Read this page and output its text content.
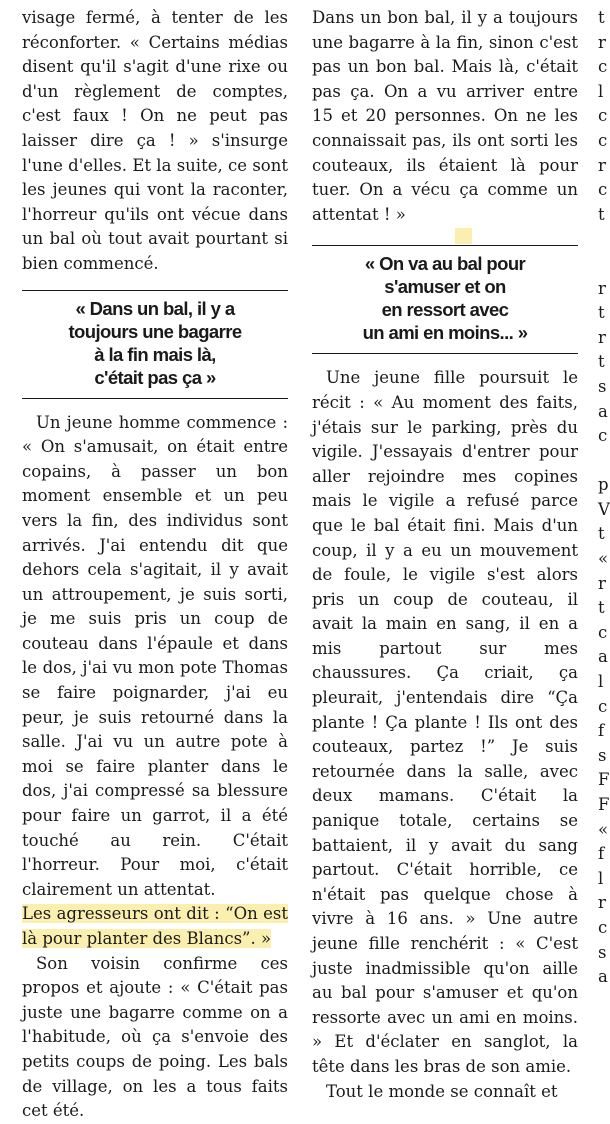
visage fermé, à tenter de les réconforter. « Certains médias disent qu'il s'agit d'une rixe ou d'un règlement de comptes, c'est faux ! On ne peut pas laisser dire ça ! » s'insurge l'une d'elles. Et la suite, ce sont les jeunes qui vont la raconter, l'horreur qu'ils ont vécue dans un bal où tout avait pourtant si bien commencé.

« Dans un bal, il y a
toujours une bagarre
à la fin mais là,
c'était pas ça »

Un jeune homme commence : « On s'amusait, on était entre copains, à passer un bon moment ensemble et un peu vers la fin, des individus sont arrivés. J'ai entendu dit que dehors cela s'agitait, il y avait un attroupement, je suis sorti, je me suis pris un coup de couteau dans l'épaule et dans le dos, j'ai vu mon pote Thomas se faire poignarder, j'ai eu peur, je suis retourné dans la salle. J'ai vu un autre pote à moi se faire planter dans le dos, j'ai compressé sa blessure pour faire un garrot, il a été touché au rein. C'était l'horreur. Pour moi, c'était clairement un attentat.

Les agresseurs ont dit : “On est là pour planter des Blancs”. »

Son voisin confirme ces propos et ajoute : « C'était pas juste une bagarre comme on a l'habitude, où ça s'envoie des petits coups de poing. Les bals de village, on les a tous faits cet été.

Dans un bon bal, il y a toujours une bagarre à la fin, sinon c'est pas un bon bal. Mais là, c'était pas ça. On a vu arriver entre 15 et 20 personnes. On ne les connaissait pas, ils ont sorti les couteaux, ils étaient là pour tuer. On a vécu ça comme un attentat ! »

« On va au bal pour
s'amuser et on
en ressort avec
un ami en moins... »

Une jeune fille poursuit le récit : « Au moment des faits, j'étais sur le parking, près du vigile. J'essayais d'entrer pour aller rejoindre mes copines mais le vigile a refusé parce que le bal était fini. Mais d'un coup, il y a eu un mouvement de foule, le vigile s'est alors pris un coup de couteau, il avait la main en sang, il en a mis partout sur mes chaussures. Ça criait, ça pleurait, j'entendais dire “Ça plante ! Ça plante ! Ils ont des couteaux, partez !” Je suis retournée dans la salle, avec deux mamans. C'était la panique totale, certains se battaient, il y avait du sang partout. C'était horrible, ce n'était pas quelque chose à vivre à 16 ans. » Une autre jeune fille renchérit : « C'est juste inadmissible qu'on aille au bal pour s'amuser et qu'on ressorte avec un ami en moins. » Et d'éclater en sanglot, la tête dans les bras de son amie.

Tout le monde se connaît et

t
r
c
l
c
c
r
c
t

r
t
r
t
s
a
c

p
V
t
«
r
t
c
a
l
c
f
s
F
F
«
f
l
r
c
s
a
